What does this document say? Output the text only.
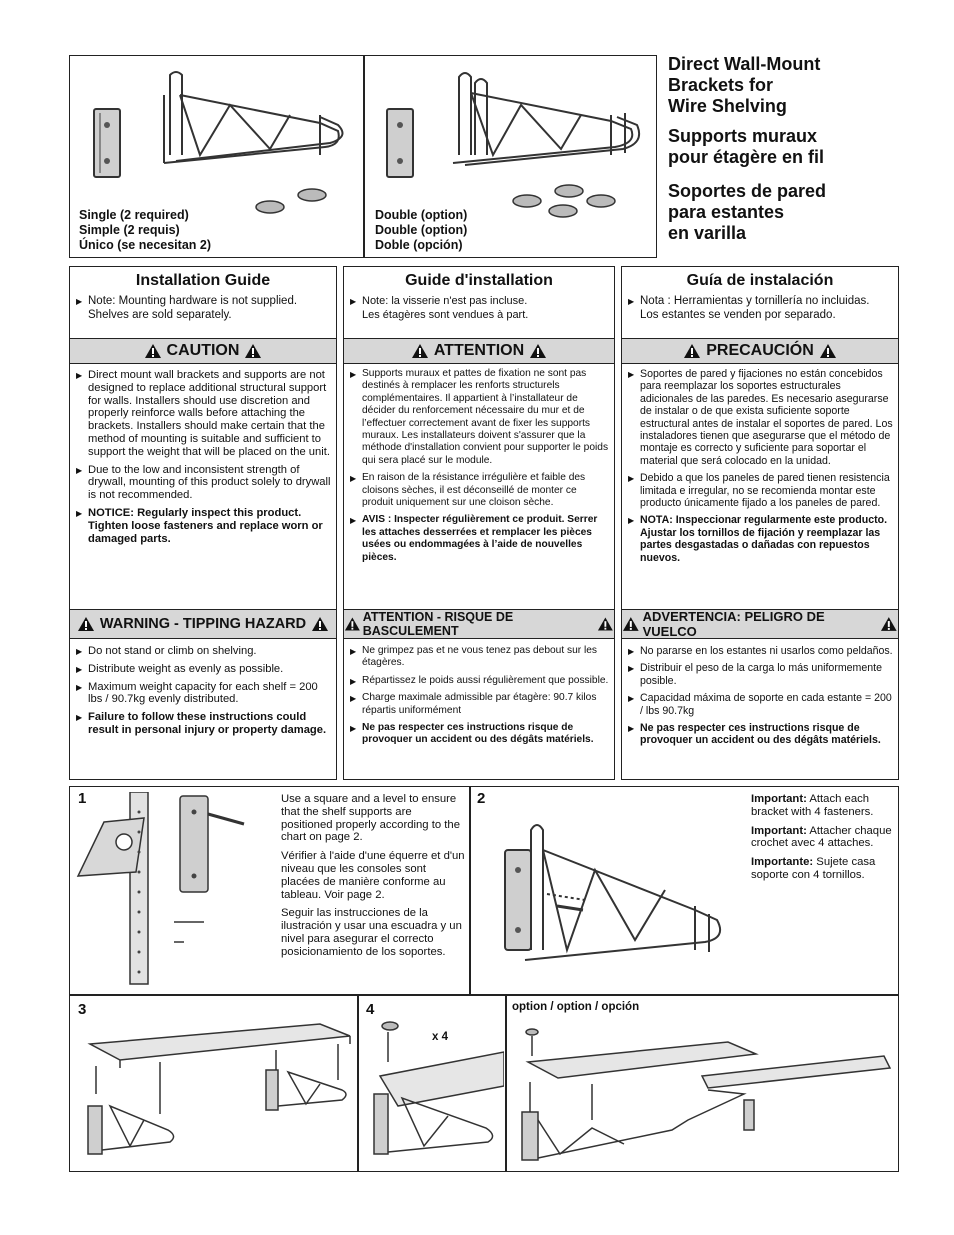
Single (2 required)
Simple (2 requis)
Único (se necesitan 2)
Double (option)
Double (option)
Doble (opción)
Direct Wall-Mount
Brackets for
Wire Shelving
Supports muraux
pour étagère en fil
Soportes de pared
para estantes
en varilla
Installation Guide
▶ Note: Mounting hardware is not supplied.
Shelves are sold separately.
CAUTION
▶ Direct mount wall brackets and supports are not designed to replace additional structural support for walls. Installers should use discretion and properly reinforce walls before attaching the brackets. Installers should make certain that the method of mounting is suitable and sufficient to support the weight that will be placed on the unit.
▶ Due to the low and inconsistent strength of drywall, mounting of this product solely to drywall is not recommended.
▶ NOTICE: Regularly inspect this product. Tighten loose fasteners and replace worn or damaged parts.
WARNING - TIPPING HAZARD
▶ Do not stand or climb on shelving.
▶ Distribute weight as evenly as possible.
▶ Maximum weight capacity for each shelf = 200 lbs / 90.7kg evenly distributed.
▶ Failure to follow these instructions could result in personal injury or property damage.
Guide d'installation
▶ Note: la visserie n'est pas incluse.
Les étagères sont vendues à part.
ATTENTION
▶ Supports muraux et pattes de fixation ne sont pas destinés à remplacer les renforts structurels complémentaires. Il appartient à l’installateur de décider du renforcement nécessaire du mur et de l’effectuer correctement avant de fixer les supports muraux. Les installateurs doivent s'assurer que la méthode d'installation convient pour supporter le poids qui sera placé sur le module.
▶ En raison de la résistance irrégulière et faible des cloisons sèches, il est déconseillé de monter ce produit uniquement sur une cloison sèche.
▶ AVIS : Inspecter régulièrement ce produit. Serrer les attaches desserrées et remplacer les pièces usées ou endommagées à l’aide de nouvelles pièces.
ATTENTION - RISQUE DE BASCULEMENT
▶ Ne grimpez pas et ne vous tenez pas debout sur les étagères.
▶ Répartissez le poids aussi régulièrement que possible.
▶ Charge maximale admissible par étagère: 90.7 kilos répartis uniformément
▶ Ne pas respecter ces instructions risque de provoquer un accident ou des dégâts matériels.
Guía de instalación
▶ Nota : Herramientas y tornillería no incluidas.
Los estantes se venden por separado.
PRECAUCIÓN
▶ Soportes de pared y fijaciones no están concebidos para reemplazar los soportes estructurales adicionales de las paredes. Es necesario asegurarse de instalar o de que exista suficiente soporte estructural antes de instalar el soportes de pared. Los instaladores tienen que asegurarse que el método de montaje es correcto y suficiente para soportar el material que será colocado en la unidad.
▶ Debido a que los paneles de pared tienen resistencia limitada e irregular, no se recomienda montar este producto únicamente fijado a los paneles de pared.
▶ NOTA: Inspeccionar regularmente este producto. Ajustar los tornillos de fijación y reemplazar las partes desgastadas o dañadas con repuestos nuevos.
ADVERTENCIA: PELIGRO DE VUELCO
▶ No pararse en los estantes ni usarlos como peldaños.
▶ Distribuir el peso de la carga lo más uniformemente posible.
▶ Capacidad máxima de soporte en cada estante = 200 / lbs 90.7kg
▶ Ne pas respecter ces instructions risque de provoquer un accident ou des dégâts matériels.
1	Use a square and a level to ensure that the shelf supports are positioned properly according to the chart on page 2.

Vérifier à l'aide d'une équerre et d'un niveau que les consoles sont placées de manière conforme au tableau. Voir page 2.

Seguir las instrucciones de la ilustración y usar una escuadra y un nivel para asegurar el correcto posicionamiento de los soportes.

2	Important: Attach each bracket with 4 fasteners.

Important: Attacher chaque crochet avec 4 attaches.

Importante: Sujete casa soporte con 4 tornillos.

3	4
x 4
option / option / opción
